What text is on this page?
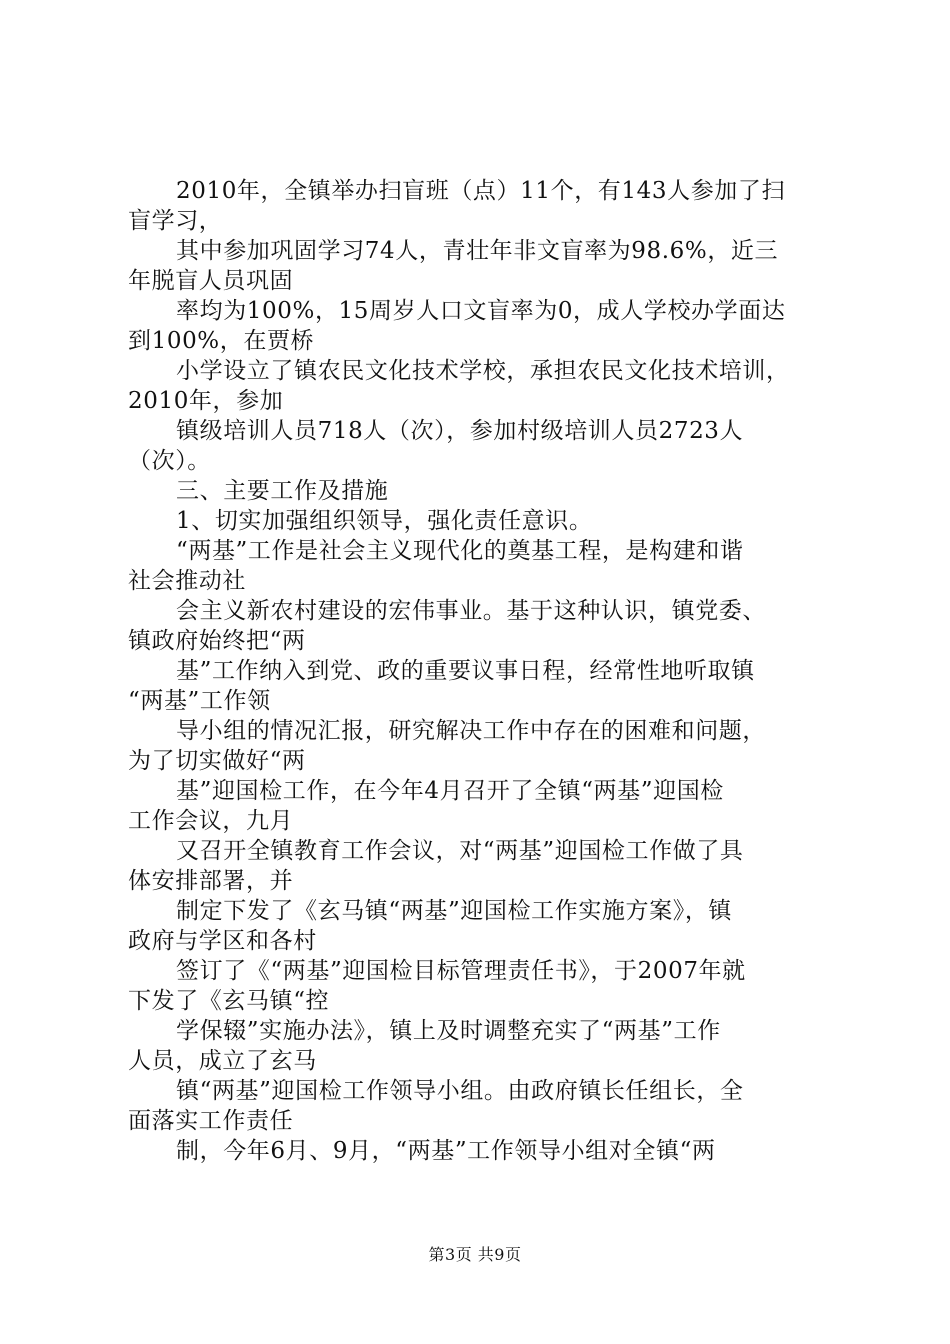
2010年，全镇举办扫盲班（点）11个，有143人参加了扫
盲学习，

其中参加巩固学习74人，青壮年非文盲率为98.6%，近三
年脱盲人员巩固

率均为100%，15周岁人口文盲率为0，成人学校办学面达
到100%，在贾桥

小学设立了镇农民文化技术学校，承担农民文化技术培训，
2010年，参加

镇级培训人员718人（次），参加村级培训人员2723人
（次）。

三、主要工作及措施

1、切实加强组织领导，强化责任意识。

“两基”工作是社会主义现代化的奠基工程，是构建和谐
社会推动社

会主义新农村建设的宏伟事业。基于这种认识，镇党委、
镇政府始终把“两

基”工作纳入到党、政的重要议事日程，经常性地听取镇
“两基”工作领

导小组的情况汇报，研究解决工作中存在的困难和问题，
为了切实做好“两

基”迎国检工作，在今年4月召开了全镇“两基”迎国检
工作会议，九月

又召开全镇教育工作会议，对“两基”迎国检工作做了具
体安排部署，并

制定下发了《玄马镇“两基”迎国检工作实施方案》，镇
政府与学区和各村

签订了《“两基”迎国检目标管理责任书》，于2007年就
下发了《玄马镇“控

学保辍”实施办法》，镇上及时调整充实了“两基”工作
人员，成立了玄马

镇“两基”迎国检工作领导小组。由政府镇长任组长，全
面落实工作责任

制，今年6月、9月，“两基”工作领导小组对全镇“两

第3页 共9页
